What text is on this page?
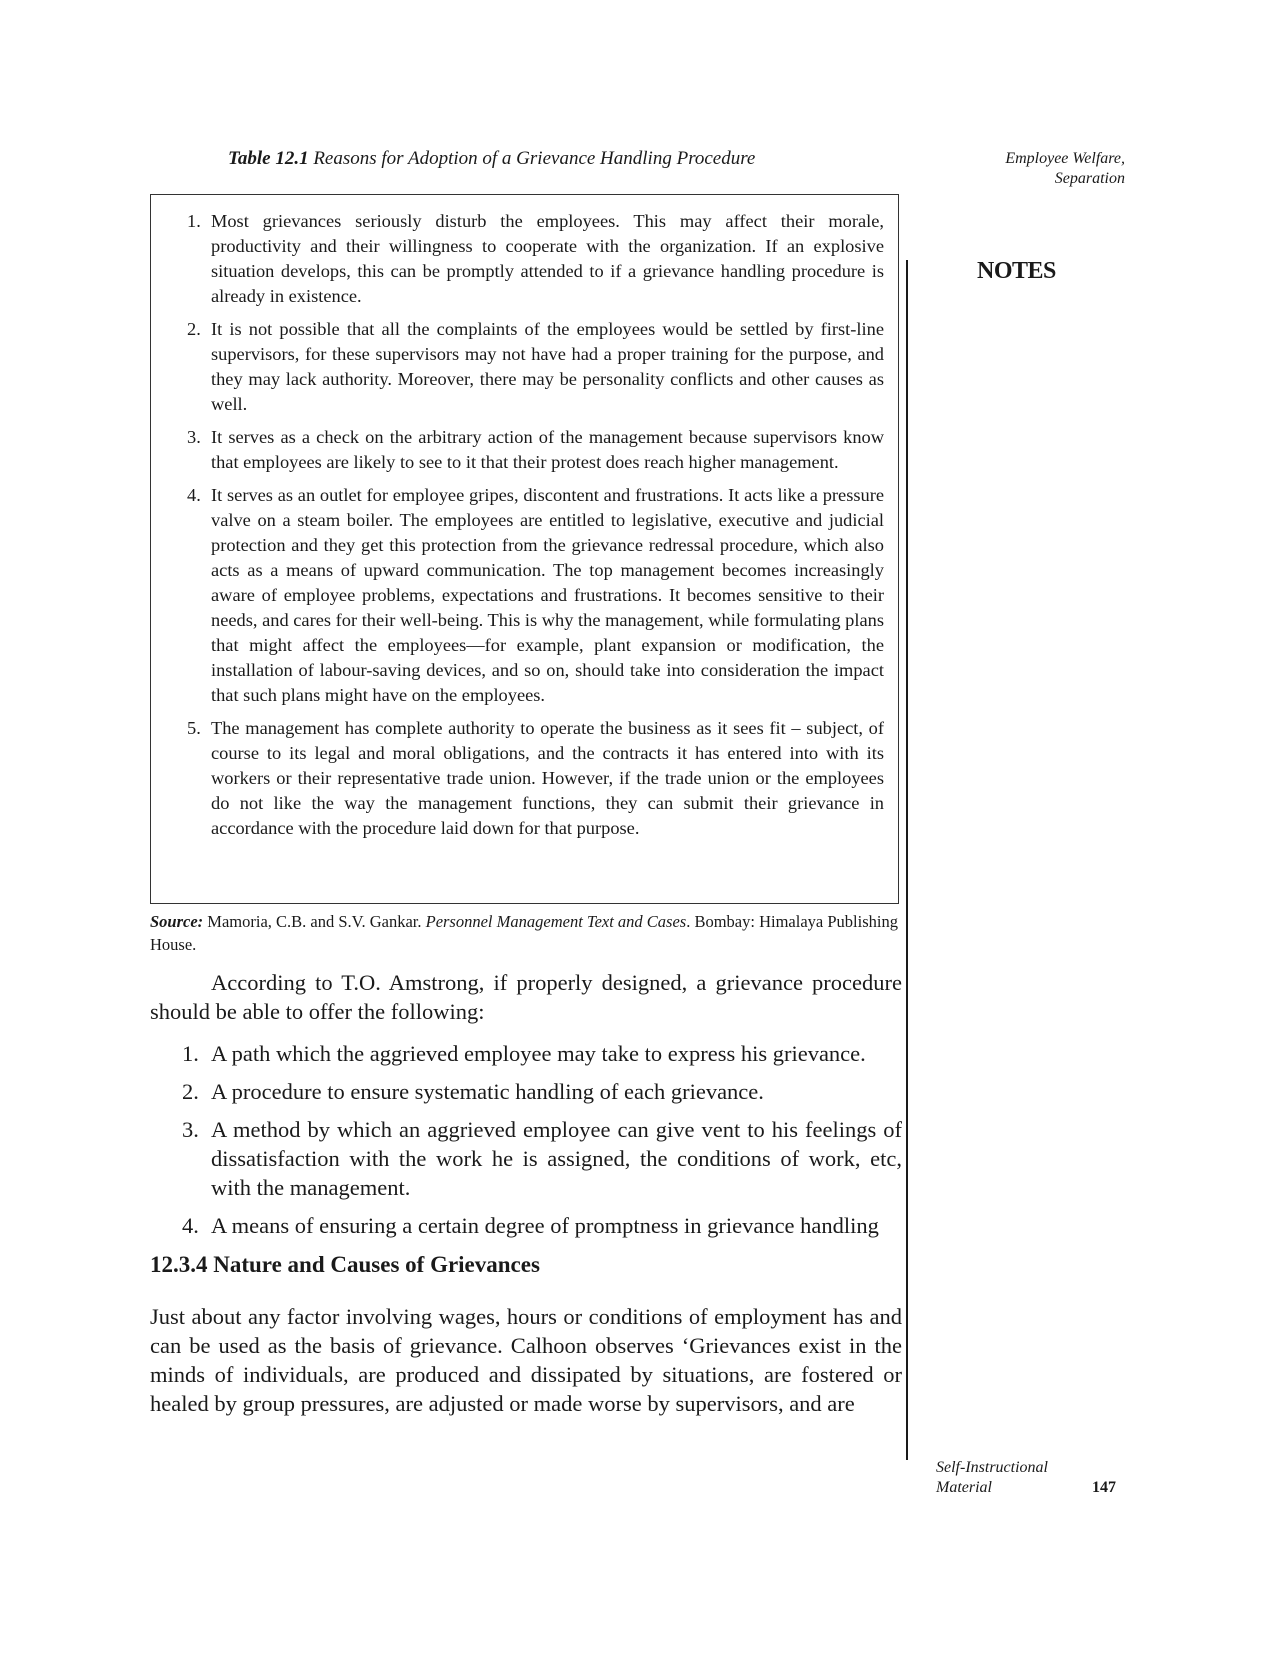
Employee Welfare,
Separation
NOTES
Table 12.1 Reasons for Adoption of a Grievance Handling Procedure
1. Most grievances seriously disturb the employees. This may affect their morale, productivity and their willingness to cooperate with the organization. If an explosive situation develops, this can be promptly attended to if a grievance handling procedure is already in existence.
2. It is not possible that all the complaints of the employees would be settled by first-line supervisors, for these supervisors may not have had a proper training for the purpose, and they may lack authority. Moreover, there may be personality conflicts and other causes as well.
3. It serves as a check on the arbitrary action of the management because supervisors know that employees are likely to see to it that their protest does reach higher management.
4. It serves as an outlet for employee gripes, discontent and frustrations. It acts like a pressure valve on a steam boiler. The employees are entitled to legislative, executive and judicial protection and they get this protection from the grievance redressal procedure, which also acts as a means of upward communication. The top management becomes increasingly aware of employee problems, expectations and frustrations. It becomes sensitive to their needs, and cares for their well-being. This is why the management, while formulating plans that might affect the employees—for example, plant expansion or modification, the installation of labour-saving devices, and so on, should take into consideration the impact that such plans might have on the employees.
5. The management has complete authority to operate the business as it sees fit – subject, of course to its legal and moral obligations, and the contracts it has entered into with its workers or their representative trade union. However, if the trade union or the employees do not like the way the management functions, they can submit their grievance in accordance with the procedure laid down for that purpose.
Source: Mamoria, C.B. and S.V. Gankar. Personnel Management Text and Cases. Bombay: Himalaya Publishing House.

According to T.O. Amstrong, if properly designed, a grievance procedure should be able to offer the following:

1. A path which the aggrieved employee may take to express his grievance.
2. A procedure to ensure systematic handling of each grievance.
3. A method by which an aggrieved employee can give vent to his feelings of dissatisfaction with the work he is assigned, the conditions of work, etc, with the management.
4. A means of ensuring a certain degree of promptness in grievance handling
12.3.4 Nature and Causes of Grievances

Just about any factor involving wages, hours or conditions of employment has and can be used as the basis of grievance. Calhoon observes ‘Grievances exist in the minds of individuals, are produced and dissipated by situations, are fostered or healed by group pressures, are adjusted or made worse by supervisors, and are

Self-Instructional
Material	147
